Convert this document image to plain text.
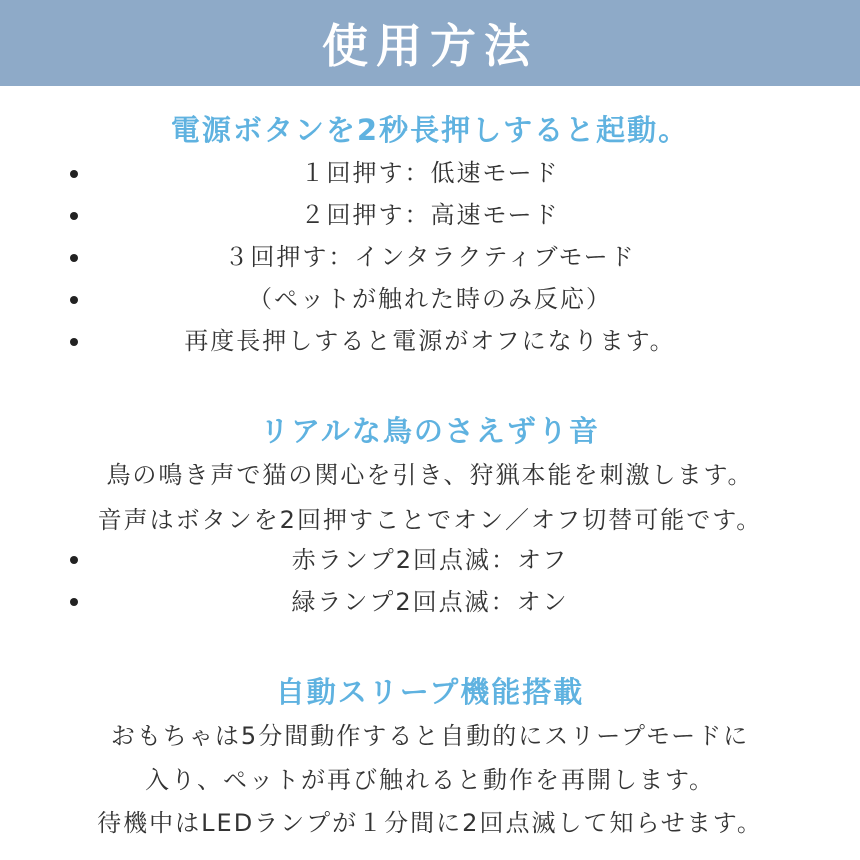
使用方法
電源ボタンを2秒長押しすると起動。
１回押す：低速モード
２回押す：高速モード
３回押す：インタラクティブモード
（ペットが触れた時のみ反応）
再度長押しすると電源がオフになります。
リアルな鳥のさえずり音
鳥の鳴き声で猫の関心を引き、狩猟本能を刺激します。
音声はボタンを2回押すことでオン／オフ切替可能です。
赤ランプ2回点滅：オフ
緑ランプ2回点滅：オン
自動スリープ機能搭載
おもちゃは5分間動作すると自動的にスリープモードに
入り、ペットが再び触れると動作を再開します。
待機中はLEDランプが１分間に2回点滅して知らせます。
